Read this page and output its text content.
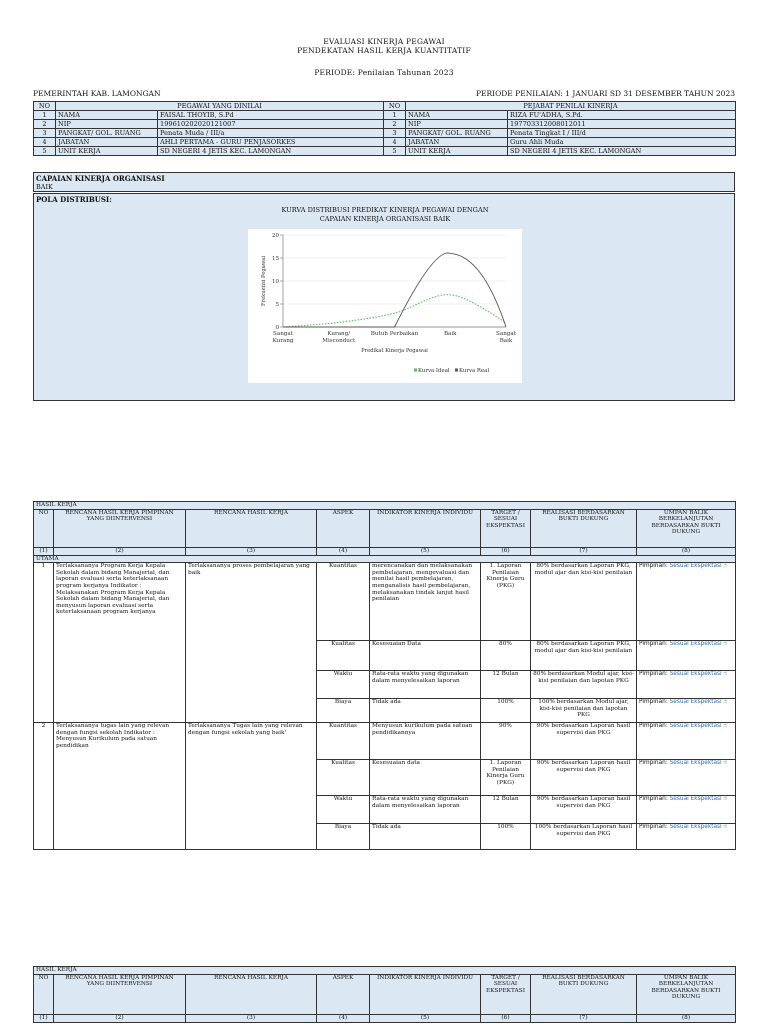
EVALUASI KINERJA PEGAWAI
PENDEKATAN HASIL KERJA KUANTITATIF
PERIODE: Penilaian Tahunan 2023
PEMERINTAH KAB. LAMONGAN	PERIODE PENILAIAN: 1 JANUARI SD 31 DESEMBER TAHUN 2023
NO	PEGAWAI YANG DINILAI		NO	PEJABAT PENILAI KINERJA	
1	NAMA	FAISAL THOYIB, S.Pd	1	NAMA	RIZA FU'ADHA, S.Pd.
2	NIP	199610202020121007	2	NIP	197703312008012011
3	PANGKAT/ GOL. RUANG	Penata Muda / III/a	3	PANGKAT/ GOL. RUANG	Penata Tingkat I / III/d
4	JABATAN	AHLI PERTAMA - GURU PENJASORKES	4	JABATAN	Guru Ahli Muda
5	UNIT KERJA	SD NEGERI 4 JETIS KEC. LAMONGAN	5	UNIT KERJA	SD NEGERI 4 JETIS KEC. LAMONGAN
CAPAIAN KINERJA ORGANISASI
BAIK
POLA DISTRIBUSI:
KURVA DISTRIBUSI PREDIKAT KINERJA PEGAWAI DENGAN
CAPAIAN KINERJA ORGANISASI BAIK
0
5
10
15
20
Sangat Kurang
Kurang/ Misconduct
Butuh Perbaikan	Baik	Sangat Baik
Predikat Kinerja Pegawai
Frekuensi Pegawai
Kurva Ideal Kurva Real
HASIL KERJA							
NO	RENCANA HASIL KERJA PIMPINAN YANG DIINTERVENSI	RENCANA HASIL KERJA	ASPEK	INDIKATOR KINERJA INDIVIDU	TARGET / SESUAI EKSPEKTASI	REALISASI BERDASARKAN BUKTI DUKUNG	UMPAN BALIK BERKELANJUTAN BERDASARKAN BUKTI DUKUNG
(1)	(2)	(3)	(4)	(5)	(6)	(7)	(8)
UTAMA							
1	Terlaksananya Program Kerja Kepala Sekolah dalam bidang Manajerial, dan laporan evaluasi serta keterlaksanaan program kerjanya Indikator : Melaksanakan Program Kerja Kepala Sekolah dalam bidang Manajerial, dan menyusun laporan evaluasi serta keterlaksanaan program kerjanya	Terlaksananya proses pembelajaran yang baik	Kuantitas	merencanakan dan melaksanakan pembelajaran, mengevaluasi dan menilai hasil pembelajaran, menganalisis hasil pembelajaran, melaksanakan tindak lanjut hasil penilaian	1. Laporan Penilaian Kinerja Guru (PKG)	80% berdasarkan Laporan PKG, modul ajar dan kisi-kisi penilaian	Pimpinan: Sesuai Ekspektasi ☝
			Kualitas	Kesesuaian Data	80%	80% berdasarkan Laporan PKG, modul ajar dan kisi-kisi penilaian	Pimpinan: Sesuai Ekspektasi ☝
			Waktu	Rata-rata waktu yang digunakan dalam menyelesaikan laporan	12 Bulan	80% berdasarkan Modul ajar, kisi-kisi penilaian dan lapotan PKG	Pimpinan: Sesuai Ekspektasi ☝
			Biaya	Tidak ada	100%	100% berdasarkan Modul ajar, kisi-kisi penilaian dan lapotan PKG	Pimpinan: Sesuai Ekspektasi ☝
2	Terlaksananya tugas lain yang relevan dengan fungsi sekolah Indikator : Menyusun Kurikulum pada satuan pendidikan	Terlaksananya Tugas lain yang relevan dengan fungsi sekolah yang baik'	Kuantitas	Menyusun kurikulum pada satuan pendidikannya	90%	90% berdasarkan Laporan hasil supervisi dan PKG	Pimpinan: Sesuai Ekspektasi ☝
			Kualitas	Kesesuaian data	1. Laporan Penilaian Kinerja Guru (PKG)	90% berdasarkan Laporan hasil supervisi dan PKG	Pimpinan: Sesuai Ekspektasi ☝
			Waktu	Rata-rata waktu yang digunakan dalam menyelesaikan laporan	12 Bulan	90% berdasarkan Laporan hasil supervisi dan PKG	Pimpinan: Sesuai Ekspektasi ☝
			Biaya	Tidak ada	100%	100% berdasarkan Laporan hasil supervisi dan PKG	Pimpinan: Sesuai Ekspektasi ☝
HASIL KERJA							
NO	RENCANA HASIL KERJA PIMPINAN YANG DIINTERVENSI	RENCANA HASIL KERJA	ASPEK	INDIKATOR KINERJA INDIVIDU	TARGET / SESUAI EKSPEKTASI	REALISASI BERDASARKAN BUKTI DUKUNG	UMPAN BALIK BERKELANJUTAN BERDASARKAN BUKTI DUKUNG
(1)	(2)	(3)	(4)	(5)	(6)	(7)	(8)
